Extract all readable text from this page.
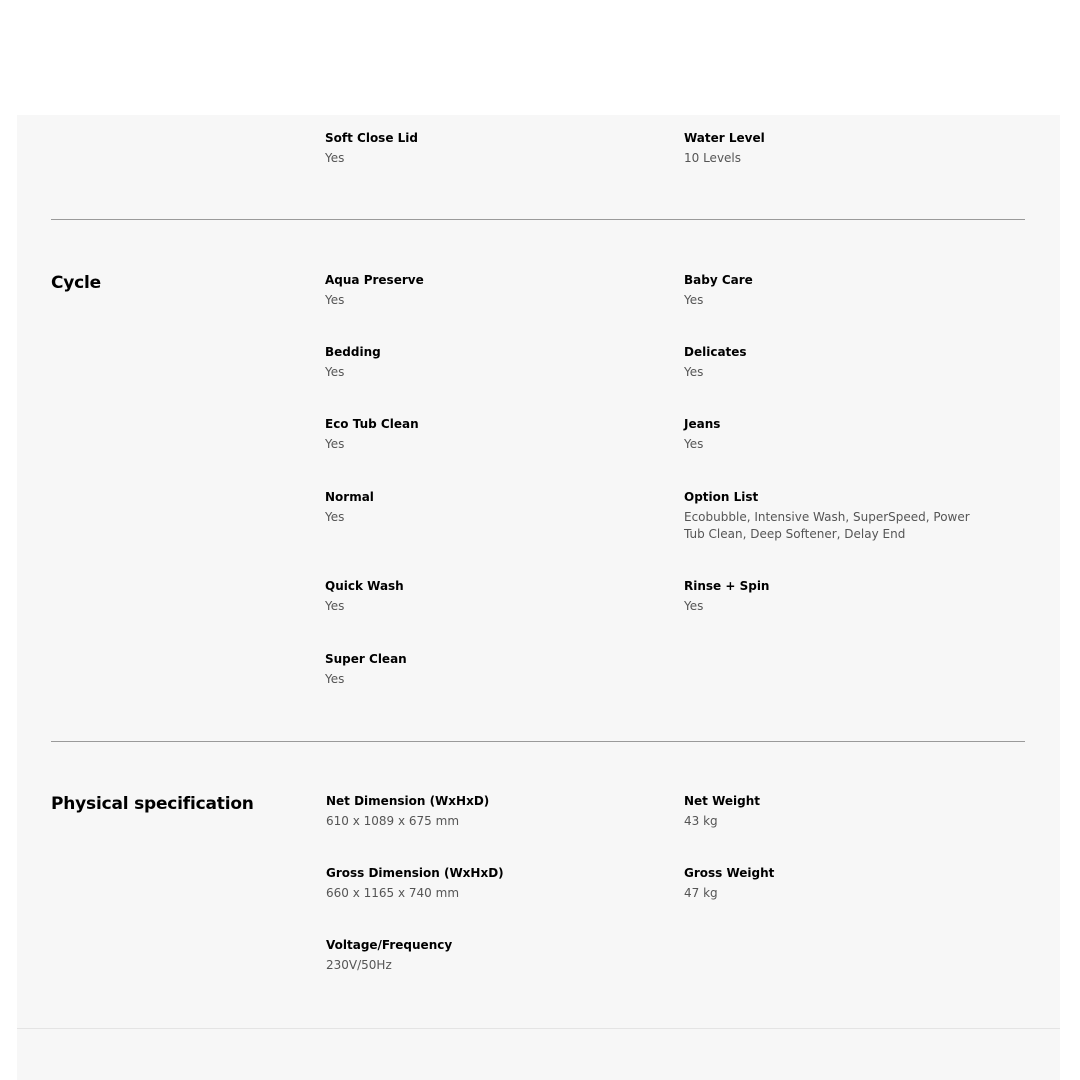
Soft Close Lid
Yes
Water Level
10 Levels
Cycle	Aqua Preserve
Yes
Baby Care
Yes
Bedding
Yes
Delicates
Yes
Eco Tub Clean
Yes
Jeans
Yes
Normal
Yes
Option List
Ecobubble, Intensive Wash, SuperSpeed, Power Tub Clean, Deep Softener, Delay End
Quick Wash
Yes
Rinse + Spin
Yes
Super Clean
Yes
Physical specification	Net Dimension (WxHxD)
610 x 1089 x 675 mm
Net Weight
43 kg
Gross Dimension (WxHxD)
660 x 1165 x 740 mm
Gross Weight
47 kg
Voltage/Frequency
230V/50Hz
